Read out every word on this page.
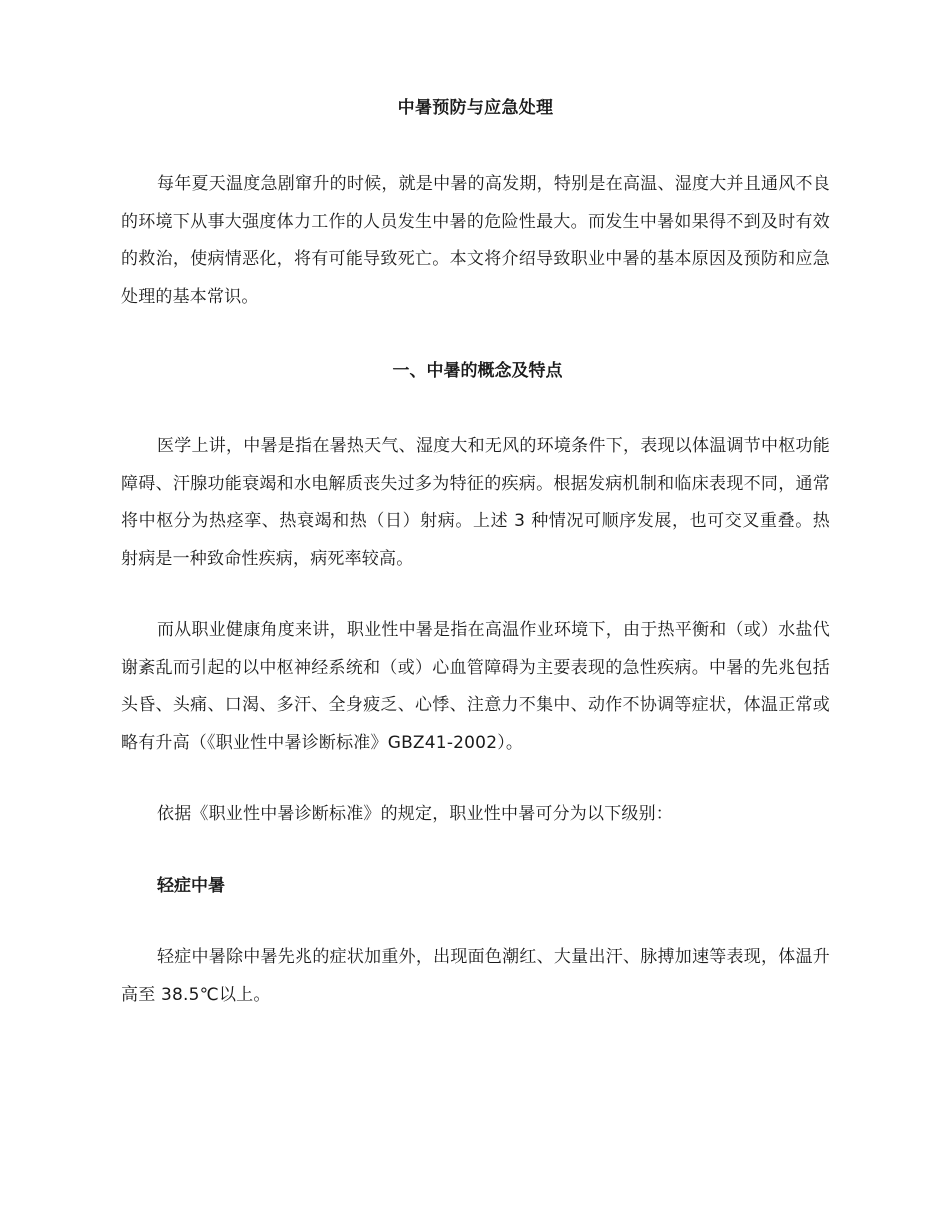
中暑预防与应急处理

每年夏天温度急剧窜升的时候，就是中暑的高发期，特别是在高温、湿度大并且通风不良的环境下从事大强度体力工作的人员发生中暑的危险性最大。而发生中暑如果得不到及时有效的救治，使病情恶化，将有可能导致死亡。本文将介绍导致职业中暑的基本原因及预防和应急处理的基本常识。

一、中暑的概念及特点

医学上讲，中暑是指在暑热天气、湿度大和无风的环境条件下，表现以体温调节中枢功能障碍、汗腺功能衰竭和水电解质丧失过多为特征的疾病。根据发病机制和临床表现不同，通常将中枢分为热痉挛、热衰竭和热（日）射病。上述 3 种情况可顺序发展，也可交叉重叠。热射病是一种致命性疾病，病死率较高。

而从职业健康角度来讲，职业性中暑是指在高温作业环境下，由于热平衡和（或）水盐代谢紊乱而引起的以中枢神经系统和（或）心血管障碍为主要表现的急性疾病。中暑的先兆包括头昏、头痛、口渴、多汗、全身疲乏、心悸、注意力不集中、动作不协调等症状，体温正常或略有升高（《职业性中暑诊断标准》GBZ41-2002）。

依据《职业性中暑诊断标准》的规定，职业性中暑可分为以下级别：

轻症中暑

轻症中暑除中暑先兆的症状加重外，出现面色潮红、大量出汗、脉搏加速等表现，体温升高至 38.5℃以上。
